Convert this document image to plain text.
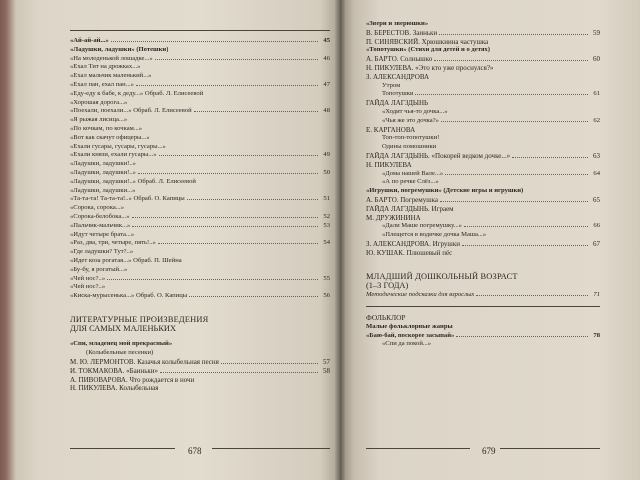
«Ай-ай-ай...»	45
«Ладушки, ладушки» (Потешки)
«На молоденькой лошадке...»	46
«Ехал Тит на дрожках...»
«Ехал мальчик маленький...»
«Ехал пан, ехал пан...»	47
«Еду-еду к бабе, к деду...» Обраб. Л. Елисеевой
«Хорошая дорога...»
«Поехали, поехали...» Обраб. Л. Елисеевой	48
«Я рыжая лисица...»
«По кочкам, по кочкам...»
«Вот как скачут офицеры...»
«Ехали гусары, гусары, гусары...»
«Ехали князи, ехали гусары...»	49
«Ладушки, ладушки!..»
«Ладушки, ладушки!..»	50
«Ладушки, ладушки!..» Обраб. Л. Елисеевой
«Ладушки, ладушки...»
«Та-та-та! Та-та-та!..» Обраб. О. Капицы	51
«Сорока, сорока...»
«Сорока-белобока...»	52
«Пальчик-мальчик...»	53
«Идут четыре брата...»
«Раз, два, три, четыре, пять!..»	54
«Где ладушки? Тут?..»
«Идет коза рогатая...» Обраб. П. Шейна
«Бу-бу, я рогатый...»
«Чей нос?..»	55
«Чей нос?..»
«Киска-мурысенька...» Обраб. О. Капицы	56
ЛИТЕРАТУРНЫЕ ПРОИЗВЕДЕНИЯ
ДЛЯ САМЫХ МАЛЕНЬКИХ
«Спи, младенец мой прекрасный»
(Колыбельные песенки)
М. Ю. ЛЕРМОНТОВ. Казачья колыбельная песня	57
И. ТОКМАКОВА. «Баиньки»	58
А. ПИВОВАРОВА. Что рождается в ночи
Н. ПИКУЛЕВА. Колыбельная
678
«Звери и зверюшки»
В. БЕРЕСТОВ. Заиньки	59
П. СИНЯВСКИЙ. Хрюшкиина частушка
«Топотушки» (Стихи для детей и о детях)
А. БАРТО. Солнышко	60
Н. ПИКУЛЕВА. «Это кто уже проснулся?»
З. АЛЕКСАНДРОВА
Утром
Топотушки	61
ГАЙДА ЛАГЗДЫНЬ
«Ходит чья-то дочка...»
«Чья же это дочка?»	62
Е. КАРГАНОВА
Топ-топ-топотушки!
Одины помошники
ГАЙДА ЛАГЗДЫНЬ. «Покорей ведком дочке...»	63
Н. ПИКУЛЕВА
«Дома нашей Вале...»	64
«А по речке Слёз...»
«Игрушки, погремушки» (Детские игры и игрушки)
А. БАРТО. Погремушка	65
ГАЙДА ЛАГЗДЫНЬ. Играем
М. ДРУЖИНИНА
«Дали Маше погремушку...»	66
«Плещется в водичке дочка Маша...»
З. АЛЕКСАНДРОВА. Игрушки	67
Ю. КУШАК. Плюшевый пёс
МЛАДШИЙ ДОШКОЛЬНЫЙ ВОЗРАСТ
(1–3 ГОДА)
Методические подсказки для взрослых	71
ФОЛЬКЛОР
Малые фольклорные жанры
«Баю-бай, поскорее засыпай»	78
«Спи да покой...»
679
